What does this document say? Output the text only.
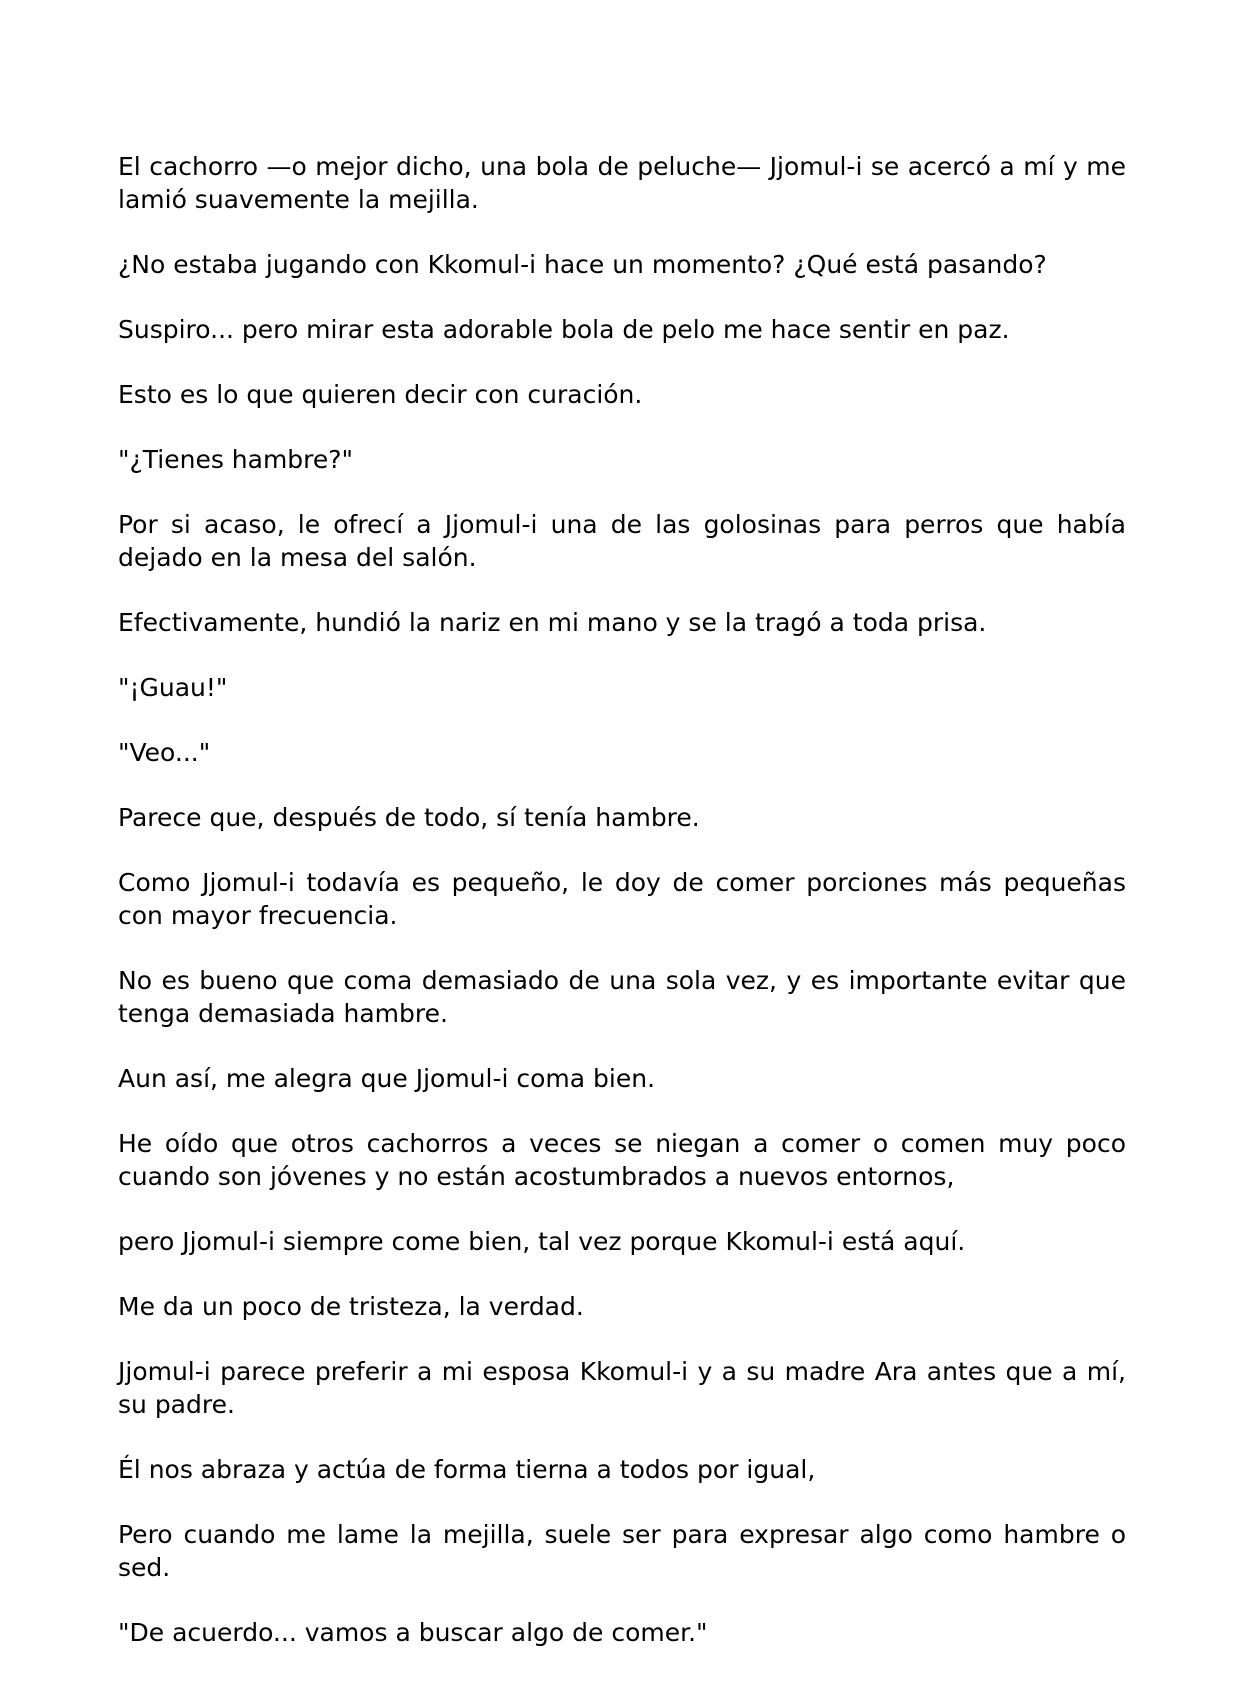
El cachorro —o mejor dicho, una bola de peluche— Jjomul-i se acercó a mí y me lamió suavemente la mejilla.

¿No estaba jugando con Kkomul-i hace un momento? ¿Qué está pasando?

Suspiro... pero mirar esta adorable bola de pelo me hace sentir en paz.

Esto es lo que quieren decir con curación.

"¿Tienes hambre?"

Por si acaso, le ofrecí a Jjomul-i una de las golosinas para perros que había dejado en la mesa del salón.

Efectivamente, hundió la nariz en mi mano y se la tragó a toda prisa.

"¡Guau!"

"Veo..."

Parece que, después de todo, sí tenía hambre.

Como Jjomul-i todavía es pequeño, le doy de comer porciones más pequeñas con mayor frecuencia.

No es bueno que coma demasiado de una sola vez, y es importante evitar que tenga demasiada hambre.

Aun así, me alegra que Jjomul-i coma bien.

He oído que otros cachorros a veces se niegan a comer o comen muy poco cuando son jóvenes y no están acostumbrados a nuevos entornos,

pero Jjomul-i siempre come bien, tal vez porque Kkomul-i está aquí.

Me da un poco de tristeza, la verdad.

Jjomul-i parece preferir a mi esposa Kkomul-i y a su madre Ara antes que a mí, su padre.

Él nos abraza y actúa de forma tierna a todos por igual,

Pero cuando me lame la mejilla, suele ser para expresar algo como hambre o sed.

"De acuerdo... vamos a buscar algo de comer."
